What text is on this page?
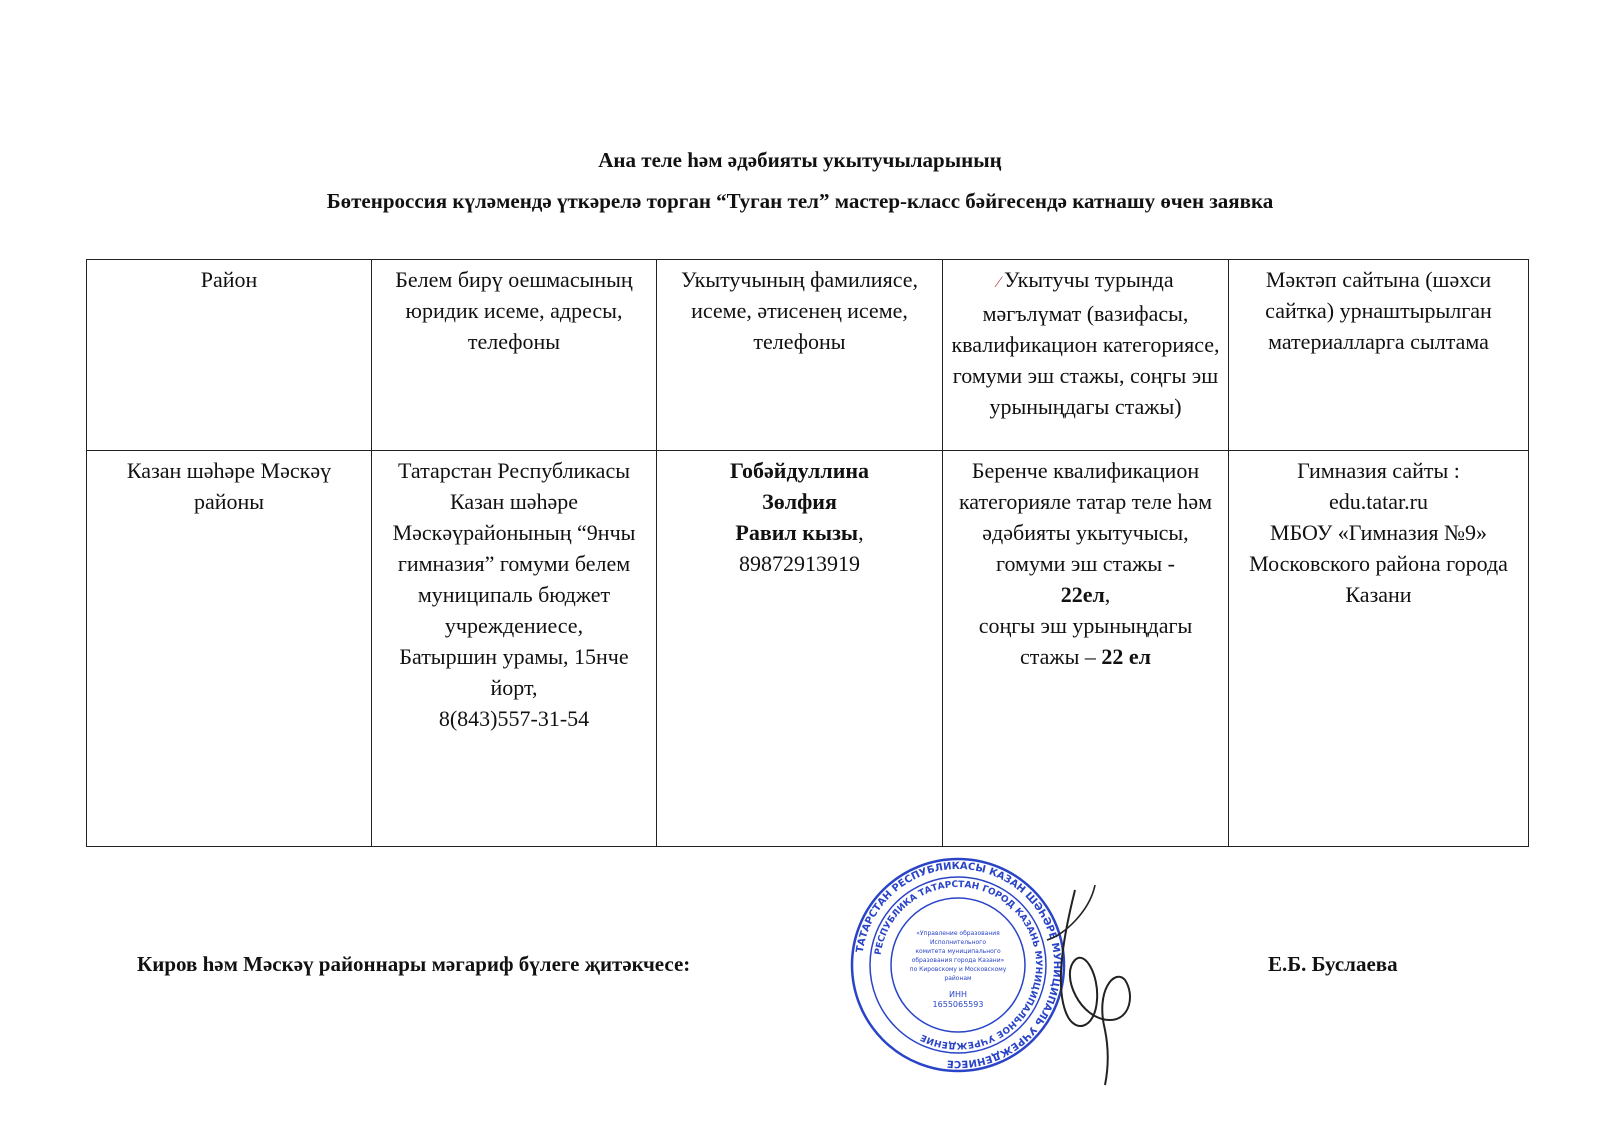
Ана теле һәм әдәбияты укытучыларының
Бөтенроссия күләмендә үткәрелә торган “Туган тел” мастер-класс бәйгесендә катнашу өчен заявка
Район	Белем бирү оешмасының юридик исеме, адресы, телефоны	Укытучының фамилиясе, исеме, әтисенең исеме, телефоны	⁄ Укытучы турында мәгълүмат (вазифасы, квалификацион категориясе, гомуми эш стажы, соңгы эш урыныңдагы стажы)	Мәктәп сайтына (шәхси сайткa) урнаштырылган материалларга сылтама
Казан шәһәре Мәскәү районы	Татарстан Республикасы Казан шәһәре Мәскәүрайонының “9нчы гимназия” гомуми белем муниципаль бюджет учреждениесе,
Батыршин урамы, 15нче йорт,
8(843)557-31-54	Гобәйдуллина
Зөлфия
Равил кызы,
89872913919	Беренче квалификацион категорияле татар теле һәм әдәбияты укытучысы,
гомуми эш стажы -
22ел,
соңгы эш урыныңдагы стажы – 22 ел	Гимназия сайты :
edu.tatar.ru
МБОУ «Гимназия №9» Московского района города Казани
Киров һәм Мәскәү районнары мәгариф бүлеге җитәкчесе:	Е.Б. Буслаева
ТАТАРСТАН РЕСПУБЛИКАСЫ КАЗАН ШӘҺӘРЕ МУНИЦИПАЛЬ УЧРЕЖДЕНИЕСЕ
РЕСПУБЛИКА ТАТАРСТАН ГОРОД КАЗАНЬ МУНИЦИПАЛЬНОЕ УЧРЕЖДЕНИЕ
«Управление образования
Исполнительного
комитета муниципального
образования города Казани»
по Кировскому и Московскому
районам
ИНН
1655065593
